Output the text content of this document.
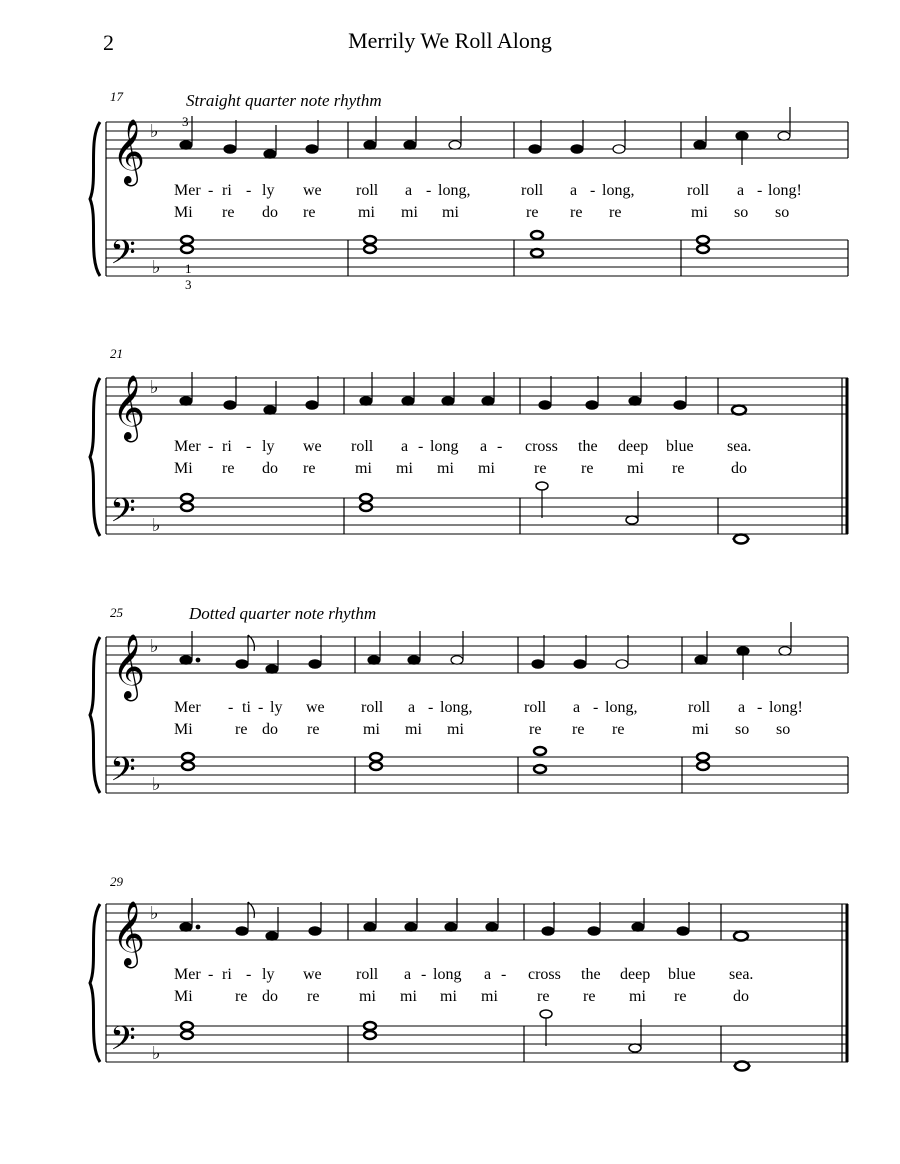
2	Merrily We Roll Along
17	Straight quarter note rhythm
𝄞 ♭
𝄢 ♭
3
1
3
Mer - ri - ly we roll a - long,	roll a - long,	roll a - long!
Mi re do re	mi mi mi	re re re	mi so so
21
𝄞 ♭
𝄢 ♭
Mer - ri - ly we roll a - long a - cross the deep blue sea.
Mi re do re mi mi mi mi re re mi re	do
25	Dotted quarter note rhythm
𝄞 ♭
𝄢 ♭
Mer - ti - ly we roll a - long,	roll a - long,	roll a - long!
Mi	re do re	mi mi mi	re re re	mi so so
29
𝄞 ♭
𝄢 ♭
Mer - ri - ly we roll a - long a - cross the deep blue sea.
Mi	re do re mi mi mi mi re re mi re	do
